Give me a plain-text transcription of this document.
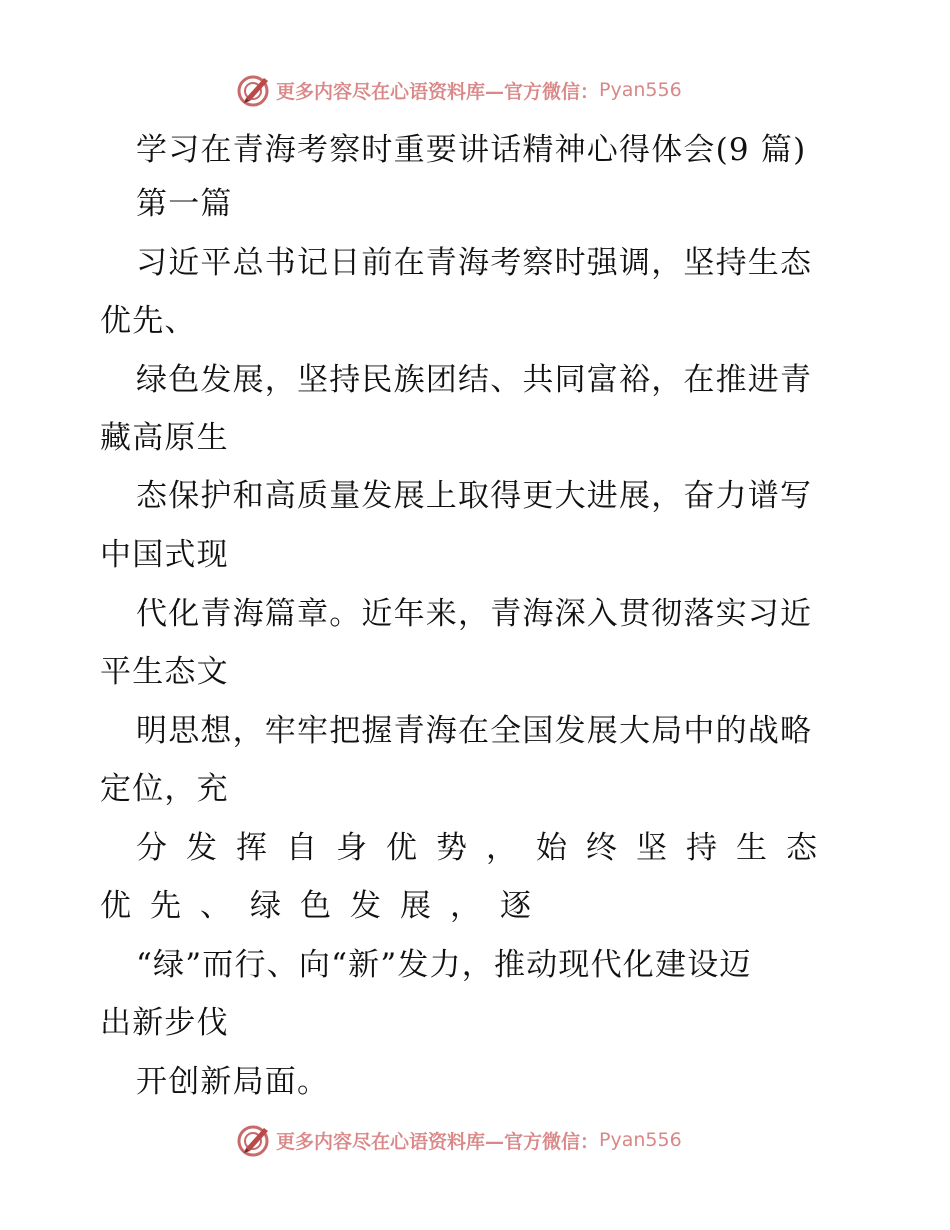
更多内容尽在心语资料库—官方微信： Pyan556
学习在青海考察时重要讲话精神心得体会(9 篇)
第一篇
习近平总书记日前在青海考察时强调，坚持生态
优先、
绿色发展，坚持民族团结、共同富裕，在推进青
藏高原生
态保护和高质量发展上取得更大进展，奋力谱写
中国式现
代化青海篇章。近年来，青海深入贯彻落实习近
平生态文
明思想，牢牢把握青海在全国发展大局中的战略
定位，充
分发挥自身优势，始终坚持生态
优先、绿色发展，逐
“绿”而行、向“新”发力，推动现代化建设迈
出新步伐
开创新局面。
更多内容尽在心语资料库—官方微信： Pyan556
